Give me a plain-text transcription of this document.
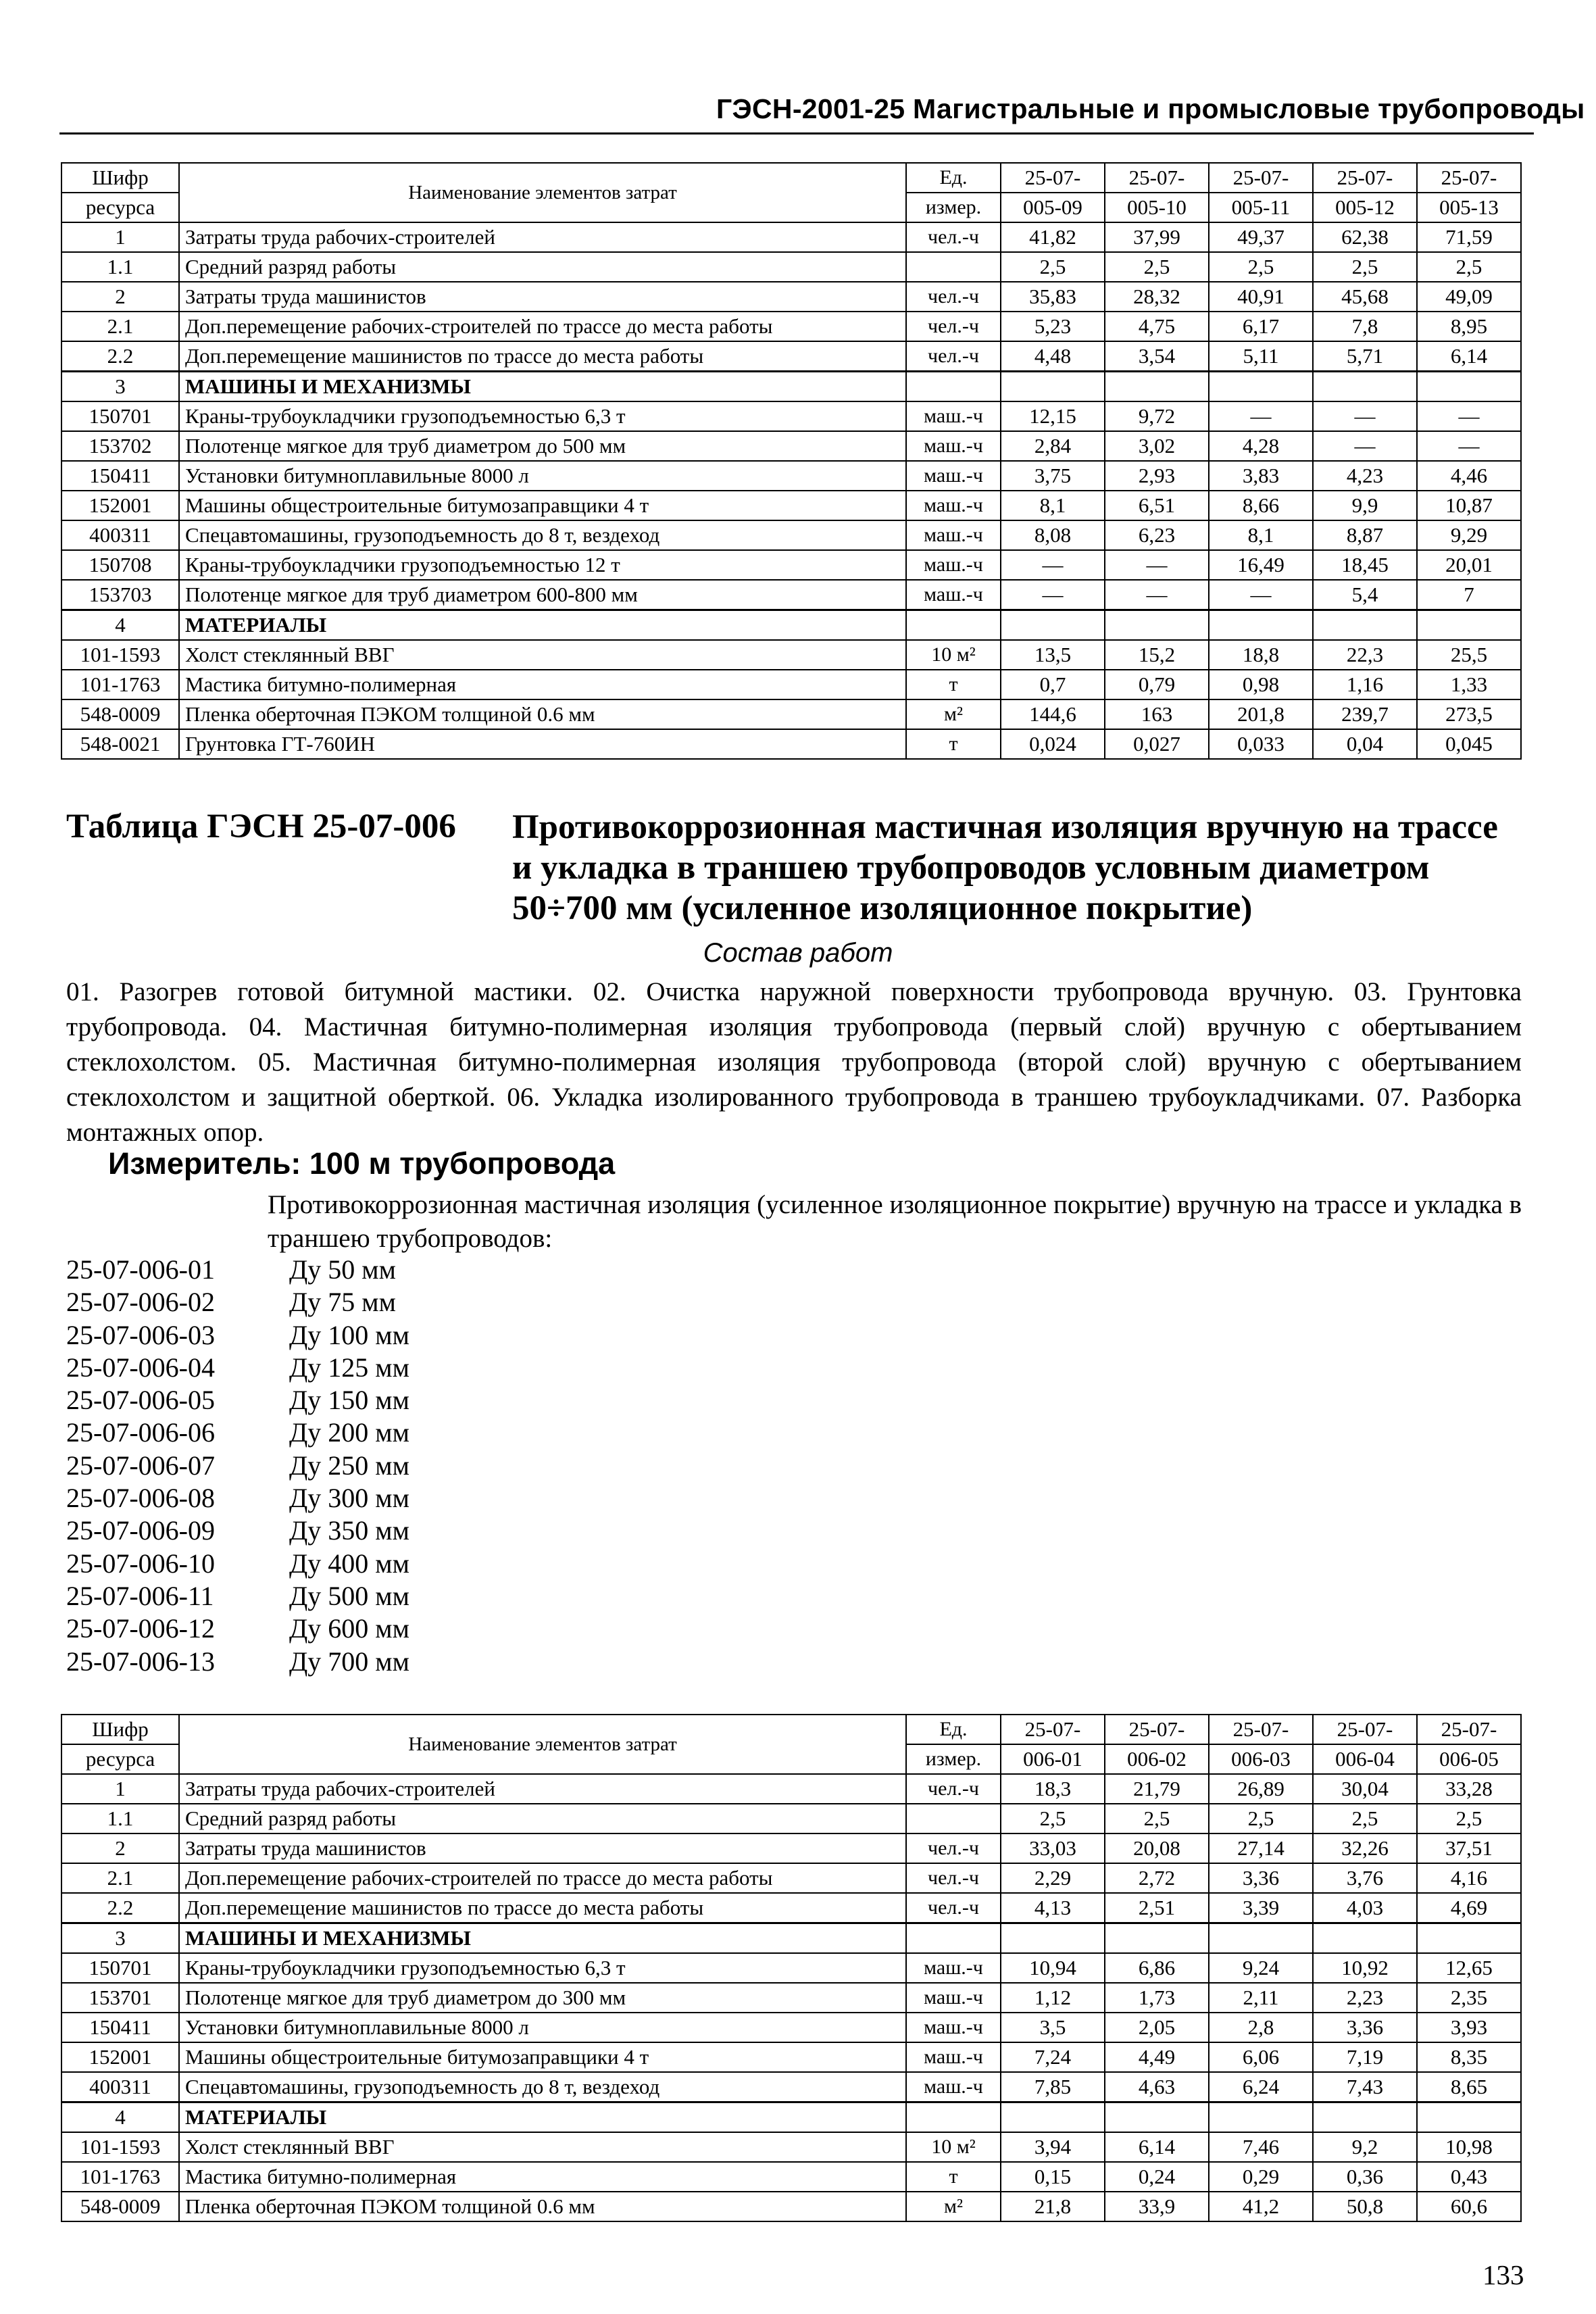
ГЭСН-2001-25 Магистральные и промысловые трубопроводы
Шифр	Наименование элементов затрат	Ед.	25-07-	25-07-	25-07-	25-07-	25-07-
ресурса		измер.	005-09	005-10	005-11	005-12	005-13
1	Затраты труда рабочих-строителей	чел.-ч	41,82	37,99	49,37	62,38	71,59
1.1	Средний разряд работы		2,5	2,5	2,5	2,5	2,5
2	Затраты труда машинистов	чел.-ч	35,83	28,32	40,91	45,68	49,09
2.1	Доп.перемещение рабочих-строителей по трассе до места работы	чел.-ч	5,23	4,75	6,17	7,8	8,95
2.2	Доп.перемещение машинистов по трассе до места работы	чел.-ч	4,48	3,54	5,11	5,71	6,14
3	МАШИНЫ И МЕХАНИЗМЫ						
150701	Краны-трубоукладчики грузоподъемностью 6,3 т	маш.-ч	12,15	9,72	—	—	—
153702	Полотенце мягкое для труб диаметром до 500 мм	маш.-ч	2,84	3,02	4,28	—	—
150411	Установки битумноплавильные 8000 л	маш.-ч	3,75	2,93	3,83	4,23	4,46
152001	Машины общестроительные битумозаправщики 4 т	маш.-ч	8,1	6,51	8,66	9,9	10,87
400311	Спецавтомашины, грузоподъемность до 8 т, вездеход	маш.-ч	8,08	6,23	8,1	8,87	9,29
150708	Краны-трубоукладчики грузоподъемностью 12 т	маш.-ч	—	—	16,49	18,45	20,01
153703	Полотенце мягкое для труб диаметром 600-800 мм	маш.-ч	—	—	—	5,4	7
4	МАТЕРИАЛЫ						
101-1593	Холст стеклянный ВВГ	10 м²	13,5	15,2	18,8	22,3	25,5
101-1763	Мастика битумно-полимерная	т	0,7	0,79	0,98	1,16	1,33
548-0009	Пленка оберточная ПЭКОМ толщиной 0.6 мм	м²	144,6	163	201,8	239,7	273,5
548-0021	Грунтовка ГТ-760ИН	т	0,024	0,027	0,033	0,04	0,045
Таблица ГЭСН 25-07-006 Противокоррозионная мастичная изоляция вручную на трассе и укладка в траншею трубопроводов условным диаметром 50÷700 мм (усиленное изоляционное покрытие)
Состав работ
01. Разогрев готовой битумной мастики. 02. Очистка наружной поверхности трубопровода вручную. 03. Грунтовка трубопровода. 04. Мастичная битумно-полимерная изоляция трубопровода (первый слой) вручную с обертыванием стеклохолстом. 05. Мастичная битумно-полимерная изоляция трубопровода (второй слой) вручную с обертыванием стеклохолстом и защитной оберткой. 06. Укладка изолированного трубопровода в траншею трубоукладчиками. 07. Разборка монтажных опор.
Измеритель: 100 м трубопровода
Противокоррозионная мастичная изоляция (усиленное изоляционное покрытие) вручную на трассе и укладка в траншею трубопроводов:
25-07-006-01	Ду 50 мм
25-07-006-02	Ду 75 мм
25-07-006-03	Ду 100 мм
25-07-006-04	Ду 125 мм
25-07-006-05	Ду 150 мм
25-07-006-06	Ду 200 мм
25-07-006-07	Ду 250 мм
25-07-006-08	Ду 300 мм
25-07-006-09	Ду 350 мм
25-07-006-10	Ду 400 мм
25-07-006-11	Ду 500 мм
25-07-006-12	Ду 600 мм
25-07-006-13	Ду 700 мм
Шифр	Наименование элементов затрат	Ед.	25-07-	25-07-	25-07-	25-07-	25-07-
ресурса		измер.	006-01	006-02	006-03	006-04	006-05
1	Затраты труда рабочих-строителей	чел.-ч	18,3	21,79	26,89	30,04	33,28
1.1	Средний разряд работы		2,5	2,5	2,5	2,5	2,5
2	Затраты труда машинистов	чел.-ч	33,03	20,08	27,14	32,26	37,51
2.1	Доп.перемещение рабочих-строителей по трассе до места работы	чел.-ч	2,29	2,72	3,36	3,76	4,16
2.2	Доп.перемещение машинистов по трассе до места работы	чел.-ч	4,13	2,51	3,39	4,03	4,69
3	МАШИНЫ И МЕХАНИЗМЫ						
150701	Краны-трубоукладчики грузоподъемностью 6,3 т	маш.-ч	10,94	6,86	9,24	10,92	12,65
153701	Полотенце мягкое для труб диаметром до 300 мм	маш.-ч	1,12	1,73	2,11	2,23	2,35
150411	Установки битумноплавильные 8000 л	маш.-ч	3,5	2,05	2,8	3,36	3,93
152001	Машины общестроительные битумозаправщики 4 т	маш.-ч	7,24	4,49	6,06	7,19	8,35
400311	Спецавтомашины, грузоподъемность до 8 т, вездеход	маш.-ч	7,85	4,63	6,24	7,43	8,65
4	МАТЕРИАЛЫ						
101-1593	Холст стеклянный ВВГ	10 м²	3,94	6,14	7,46	9,2	10,98
101-1763	Мастика битумно-полимерная	т	0,15	0,24	0,29	0,36	0,43
548-0009	Пленка оберточная ПЭКОМ толщиной 0.6 мм	м²	21,8	33,9	41,2	50,8	60,6
133
